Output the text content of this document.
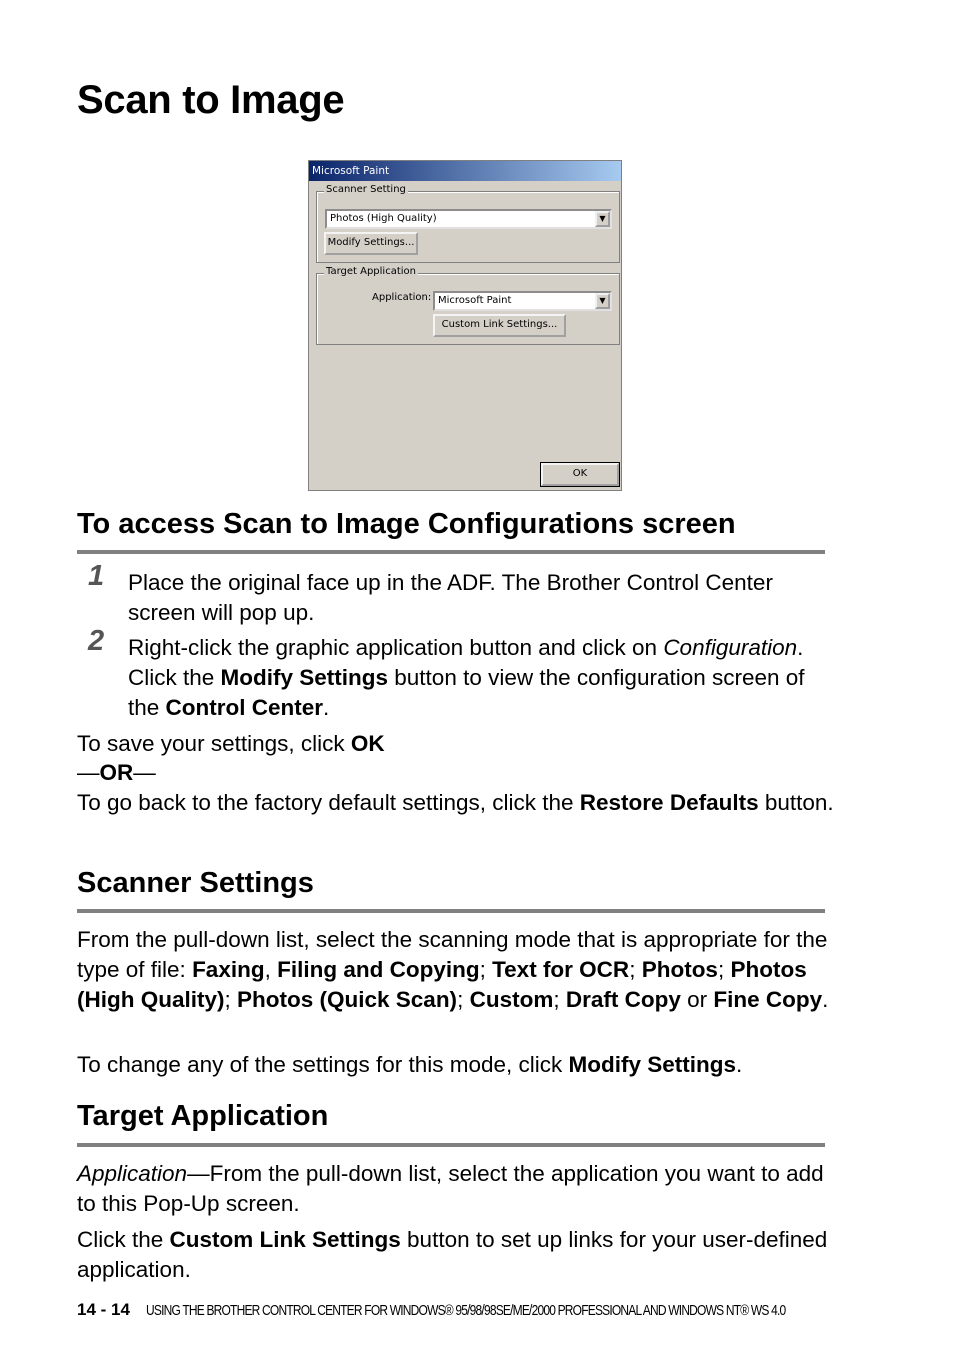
Scan to Image
Microsoft Paint
Scanner Setting
Photos (High Quality)	▼
Modify Settings...
Target Application
Application: Microsoft Paint	▼
Custom Link Settings...
OK
To access Scan to Image Configurations screen
1 Place the original face up in the ADF. The Brother Control Center screen will pop up.
2 Right-click the graphic application button and click on Configuration. Click the Modify Settings button to view the configuration screen of the Control Center.
To save your settings, click OK
—OR—
To go back to the factory default settings, click the Restore Defaults button.
Scanner Settings
From the pull-down list, select the scanning mode that is appropriate for the type of file: Faxing, Filing and Copying; Text for OCR; Photos; Photos (High Quality); Photos (Quick Scan); Custom; Draft Copy or Fine Copy.
To change any of the settings for this mode, click Modify Settings.
Target Application
Application—From the pull-down list, select the application you want to add to this Pop-Up screen.
Click the Custom Link Settings button to set up links for your user-defined application.
14 - 14 USING THE BROTHER CONTROL CENTER FOR WINDOWS® 95/98/98SE/ME/2000 PROFESSIONAL AND WINDOWS NT® WS 4.0
